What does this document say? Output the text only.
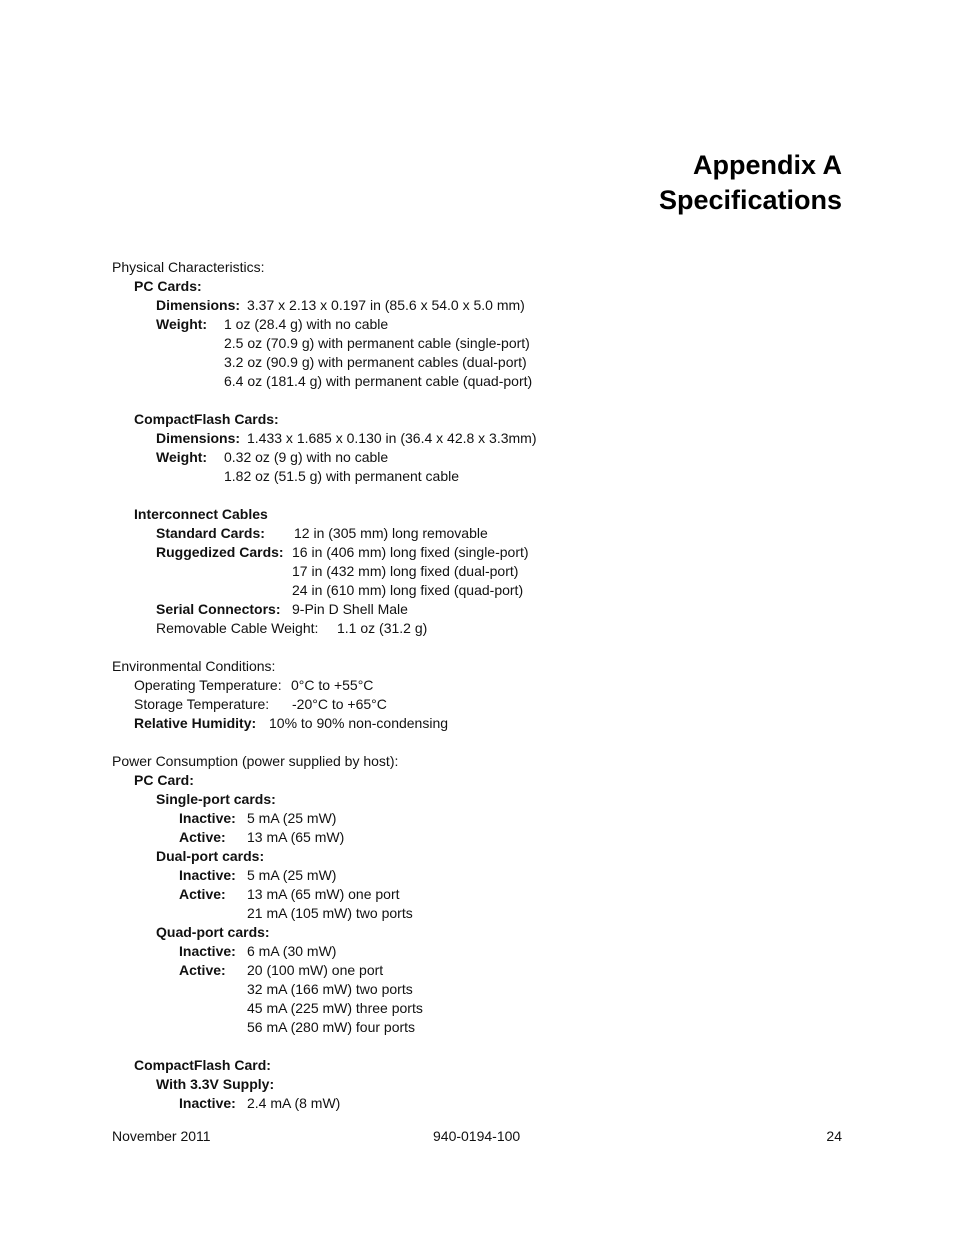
Appendix A
Specifications
Physical Characteristics:
PC Cards:
Dimensions: 3.37 x 2.13 x 0.197 in (85.6 x 54.0 x 5.0 mm)
Weight: 1 oz (28.4 g) with no cable
2.5 oz (70.9 g) with permanent cable (single-port)
3.2 oz (90.9 g) with permanent cables (dual-port)
6.4 oz (181.4 g) with permanent cable (quad-port)
CompactFlash Cards:
Dimensions: 1.433 x 1.685 x 0.130 in (36.4 x 42.8 x 3.3mm)
Weight: 0.32 oz (9 g) with no cable
1.82 oz (51.5 g) with permanent cable
Interconnect Cables
Standard Cards: 12 in (305 mm) long removable
Ruggedized Cards: 16 in (406 mm) long fixed (single-port)
17 in (432 mm) long fixed (dual-port)
24 in (610 mm) long fixed (quad-port)
Serial Connectors: 9-Pin D Shell Male
Removable Cable Weight: 1.1 oz (31.2 g)
Environmental Conditions:
Operating Temperature: 0°C to +55°C
Storage Temperature: -20°C to +65°C
Relative Humidity: 10% to 90% non-condensing
Power Consumption (power supplied by host):
PC Card:
Single-port cards:
Inactive: 5 mA (25 mW)
Active: 13 mA (65 mW)
Dual-port cards:
Inactive: 5 mA (25 mW)
Active: 13 mA (65 mW) one port
21 mA (105 mW) two ports
Quad-port cards:
Inactive: 6 mA (30 mW)
Active: 20 (100 mW) one port
32 mA (166 mW) two ports
45 mA (225 mW) three ports
56 mA (280 mW) four ports
CompactFlash Card:
With 3.3V Supply:
Inactive: 2.4 mA (8 mW)
November 2011	940-0194-100	24
